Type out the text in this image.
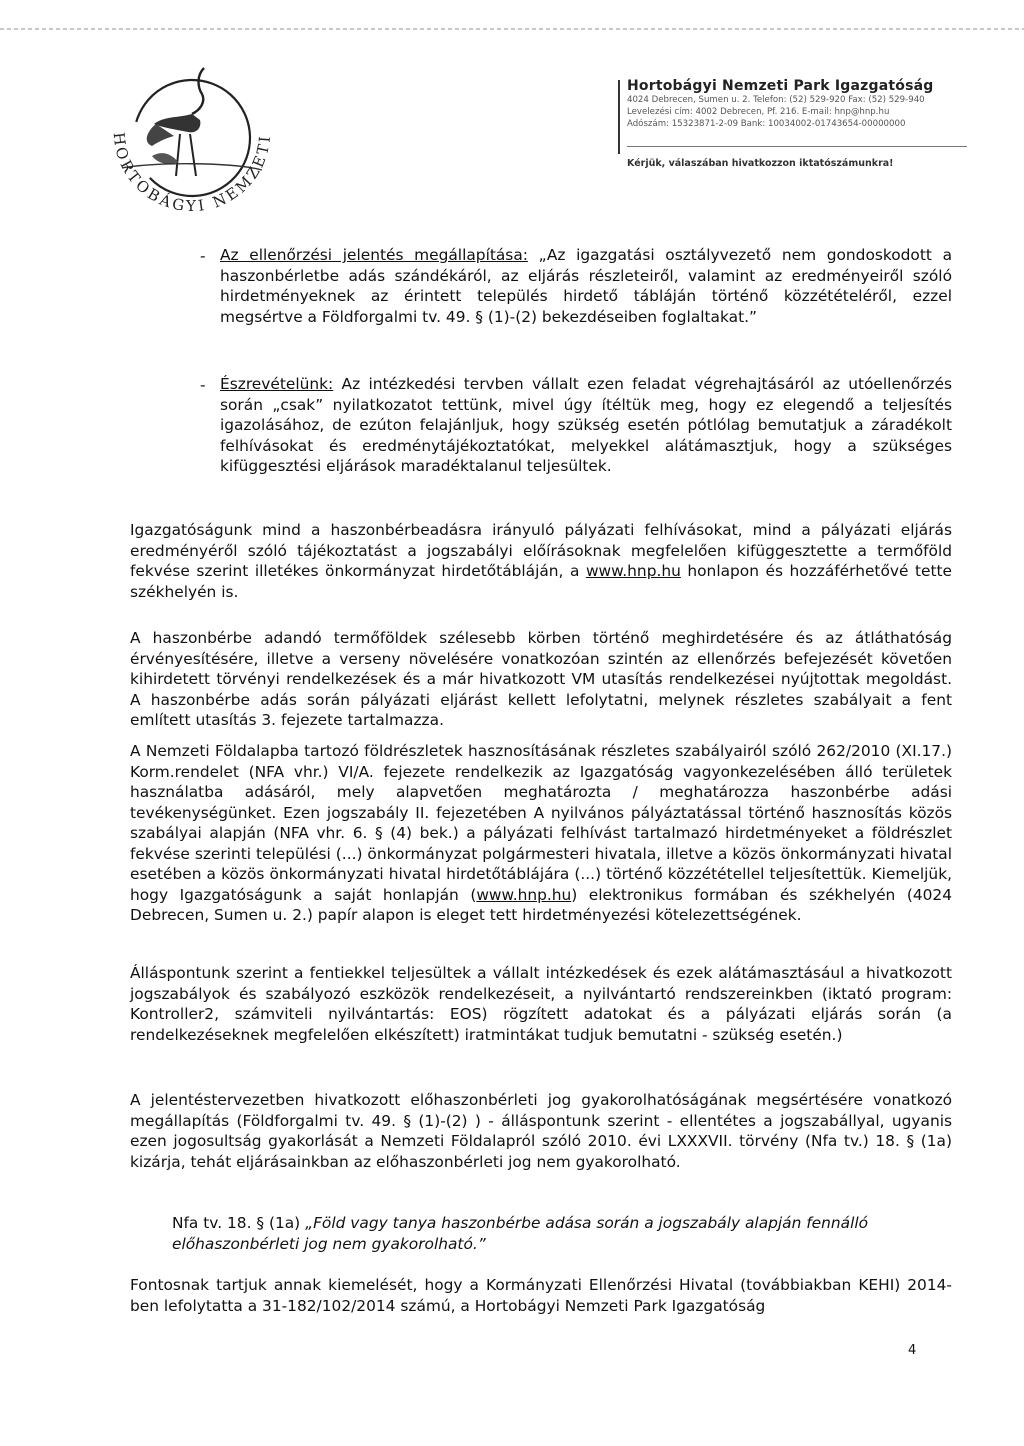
HORTOBÁGYI NEMZETI
Hortobágyi Nemzeti Park Igazgatóság
4024 Debrecen, Sumen u. 2. Telefon: (52) 529-920 Fax: (52) 529-940
Levelezési cím: 4002 Debrecen, Pf. 216. E-mail: hnp@hnp.hu
Adószám: 15323871-2-09 Bank: 10034002-01743654-00000000
Kérjük, válaszában hivatkozzon iktatószámunkra!
- Az ellenőrzési jelentés megállapítása: „Az igazgatási osztályvezető nem gondoskodott a haszonbérletbe adás szándékáról, az eljárás részleteiről, valamint az eredményeiről szóló hirdetményeknek az érintett település hirdető tábláján történő közzétételéről, ezzel megsértve a Földforgalmi tv. 49. § (1)-(2) bekezdéseiben foglaltakat.”
- Észrevételünk: Az intézkedési tervben vállalt ezen feladat végrehajtásáról az utóellenőrzés során „csak” nyilatkozatot tettünk, mivel úgy ítéltük meg, hogy ez elegendő a teljesítés igazolásához, de ezúton felajánljuk, hogy szükség esetén pótlólag bemutatjuk a záradékolt felhívásokat és eredménytájékoztatókat, melyekkel alátámasztjuk, hogy a szükséges kifüggesztési eljárások maradéktalanul teljesültek.
Igazgatóságunk mind a haszonbérbeadásra irányuló pályázati felhívásokat, mind a pályázati eljárás eredményéről szóló tájékoztatást a jogszabályi előírásoknak megfelelően kifüggesztette a termőföld fekvése szerint illetékes önkormányzat hirdetőtábláján, a www.hnp.hu honlapon és hozzáférhetővé tette székhelyén is.
A haszonbérbe adandó termőföldek szélesebb körben történő meghirdetésére és az átláthatóság érvényesítésére, illetve a verseny növelésére vonatkozóan szintén az ellenőrzés befejezését követően kihirdetett törvényi rendelkezések és a már hivatkozott VM utasítás rendelkezései nyújtottak megoldást. A haszonbérbe adás során pályázati eljárást kellett lefolytatni, melynek részletes szabályait a fent említett utasítás 3. fejezete tartalmazza.
A Nemzeti Földalapba tartozó földrészletek hasznosításának részletes szabályairól szóló 262/2010 (XI.17.) Korm.rendelet (NFA vhr.) VI/A. fejezete rendelkezik az Igazgatóság vagyonkezelésében álló területek használatba adásáról, mely alapvetően meghatározta / meghatározza haszonbérbe adási tevékenységünket. Ezen jogszabály II. fejezetében A nyilvános pályáztatással történő hasznosítás közös szabályai alapján (NFA vhr. 6. § (4) bek.) a pályázati felhívást tartalmazó hirdetményeket a földrészlet fekvése szerinti települési (...) önkormányzat polgármesteri hivatala, illetve a közös önkormányzati hivatal esetében a közös önkormányzati hivatal hirdetőtáblájára (...) történő közzététellel teljesítettük. Kiemeljük, hogy Igazgatóságunk a saját honlapján (www.hnp.hu) elektronikus formában és székhelyén (4024 Debrecen, Sumen u. 2.) papír alapon is eleget tett hirdetményezési kötelezettségének.
Álláspontunk szerint a fentiekkel teljesültek a vállalt intézkedések és ezek alátámasztásául a hivatkozott jogszabályok és szabályozó eszközök rendelkezéseit, a nyilvántartó rendszereinkben (iktató program: Kontroller2, számviteli nyilvántartás: EOS) rögzített adatokat és a pályázati eljárás során (a rendelkezéseknek megfelelően elkészített) iratmintákat tudjuk bemutatni - szükség esetén.)
A jelentéstervezetben hivatkozott előhaszonbérleti jog gyakorolhatóságának megsértésére vonatkozó megállapítás (Földforgalmi tv. 49. § (1)-(2) ) - álláspontunk szerint - ellentétes a jogszabállyal, ugyanis ezen jogosultság gyakorlását a Nemzeti Földalapról szóló 2010. évi LXXXVII. törvény (Nfa tv.) 18. § (1a) kizárja, tehát eljárásainkban az előhaszonbérleti jog nem gyakorolható.
Nfa tv. 18. § (1a) „Föld vagy tanya haszonbérbe adása során a jogszabály alapján fennálló előhaszonbérleti jog nem gyakorolható.”
Fontosnak tartjuk annak kiemelését, hogy a Kormányzati Ellenőrzési Hivatal (továbbiakban KEHI) 2014-ben lefolytatta a 31-182/102/2014 számú, a Hortobágyi Nemzeti Park Igazgatóság
4
